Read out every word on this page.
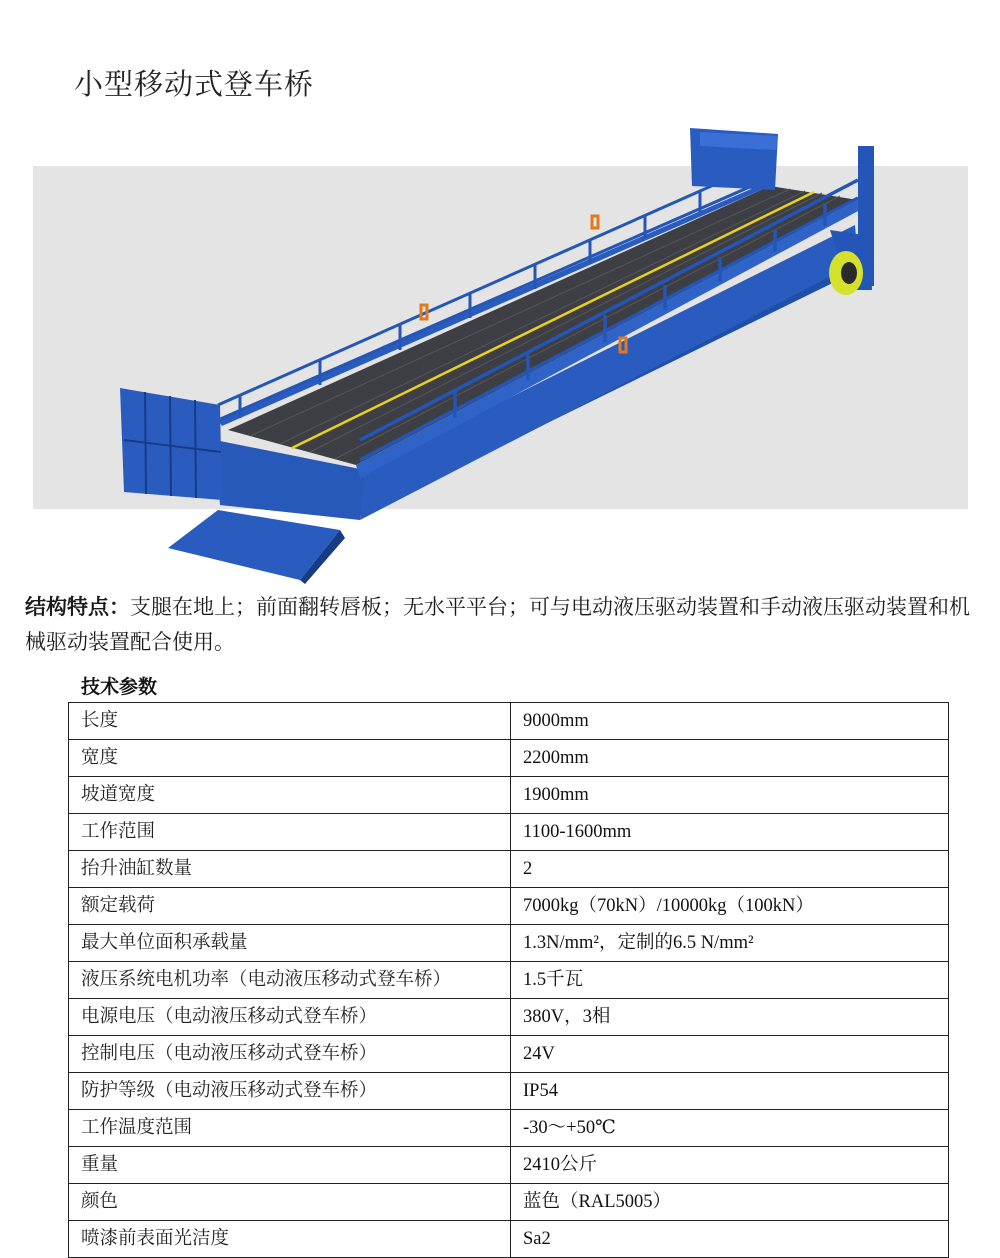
小型移动式登车桥
结构特点：支腿在地上；前面翻转唇板；无水平平台；可与电动液压驱动装置和手动液压驱动装置和机械驱动装置配合使用。
技术参数
长度	9000mm
宽度	2200mm
坡道宽度	1900mm
工作范围	1100-1600mm
抬升油缸数量	2
额定载荷	7000kg（70kN）/10000kg（100kN）
最大单位面积承载量	1.3N/mm²，定制的6.5 N/mm²
液压系统电机功率（电动液压移动式登车桥）	1.5千瓦
电源电压（电动液压移动式登车桥）	380V，3相
控制电压（电动液压移动式登车桥）	24V
防护等级（电动液压移动式登车桥）	IP54
工作温度范围	-30～+50℃
重量	2410公斤
颜色	蓝色（RAL5005）
喷漆前表面光洁度	Sa2
